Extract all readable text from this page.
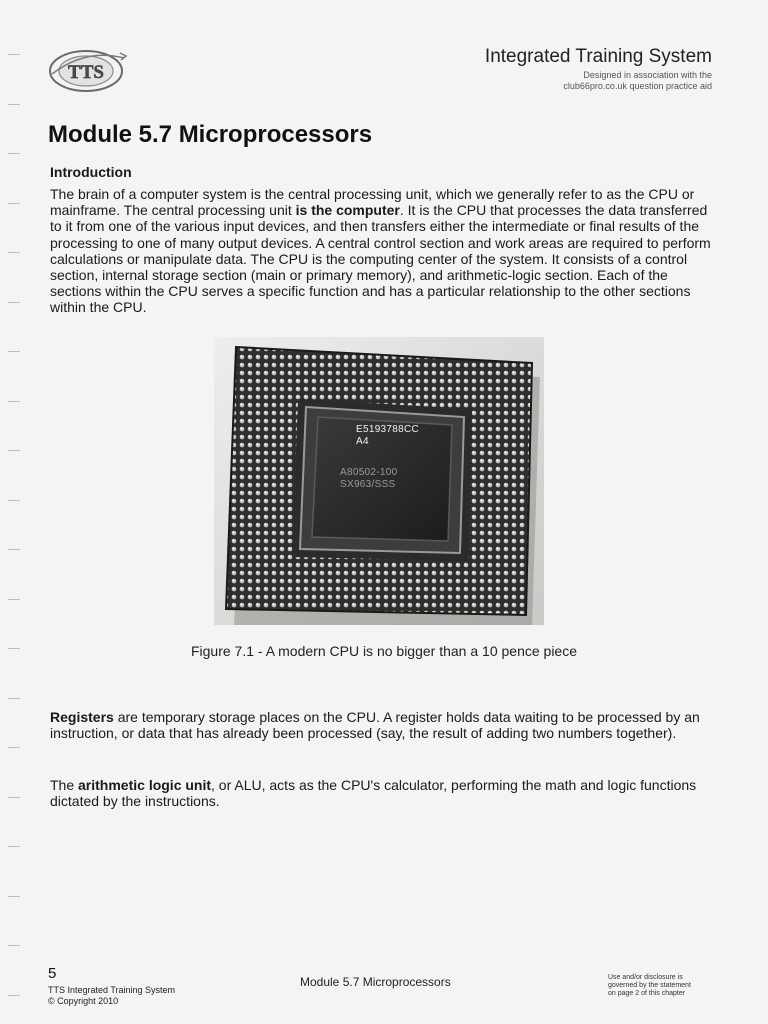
TTS
Integrated Training System
Designed in association with the
club66pro.co.uk question practice aid
Module 5.7 Microprocessors
Introduction

The brain of a computer system is the central processing unit, which we generally refer to as the CPU or mainframe. The central processing unit is the computer. It is the CPU that processes the data transferred to it from one of the various input devices, and then transfers either the intermediate or final results of the processing to one of many output devices. A central control section and work areas are required to perform calculations or manipulate data. The CPU is the computing center of the system. It consists of a control section, internal storage section (main or primary memory), and arithmetic-logic section. Each of the sections within the CPU serves a specific function and has a particular relationship to the other sections within the CPU.

E5193788CC
A4
A80502-100
SX963/SSS
Figure 7.1 - A modern CPU is no bigger than a 10 pence piece

Registers are temporary storage places on the CPU. A register holds data waiting to be processed by an instruction, or data that has already been processed (say, the result of adding two numbers together).

The arithmetic logic unit, or ALU, acts as the CPU's calculator, performing the math and logic functions dictated by the instructions.

5
TTS Integrated Training System
© Copyright 2010
Module 5.7 Microprocessors	Use and/or disclosure is
governed by the statement
on page 2 of this chapter
